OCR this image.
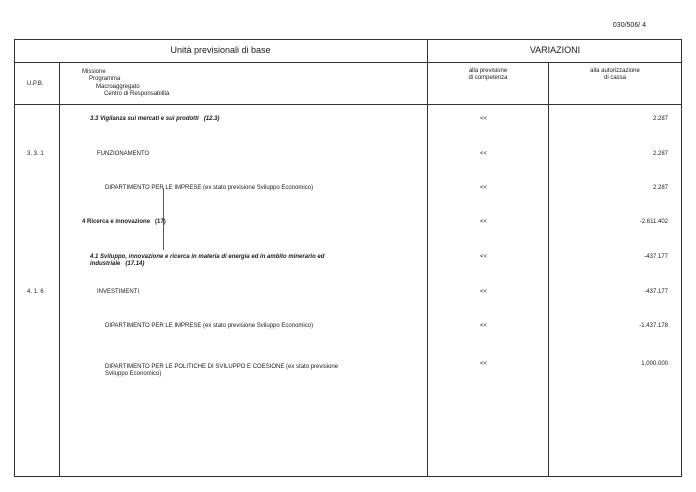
030/506/ 4
Unità previsionali di base	VARIAZIONI
U.P.B.
Missione
Programma
Macroaggregato
Centro di Responsabilità
alla previsione
di competenza
alla autorizzazione
di cassa
3.3 Vigilanza sui mercati e sui prodotti (12.3)	<<	2.287
3. 3. 1	FUNZIONAMENTO	<<	2.287
DIPARTIMENTO PER LE IMPRESE (ex stato previsione Sviluppo Economico)	<<	2.287
4 Ricerca e innovazione (17)	<<	-2.611.402
4.1 Sviluppo, innovazione e ricerca in materia di energia ed in ambito minerario ed
industriale (17.14)
<<	-437.177
4. 1. 6	INVESTIMENTI	<<	-437.177
DIPARTIMENTO PER LE IMPRESE (ex stato previsione Sviluppo Economico)	<<	-1.437.178
DIPARTIMENTO PER LE POLITICHE DI SVILUPPO E COESIONE (ex stato previsione
Sviluppo Economico)
<<	1.000.000
